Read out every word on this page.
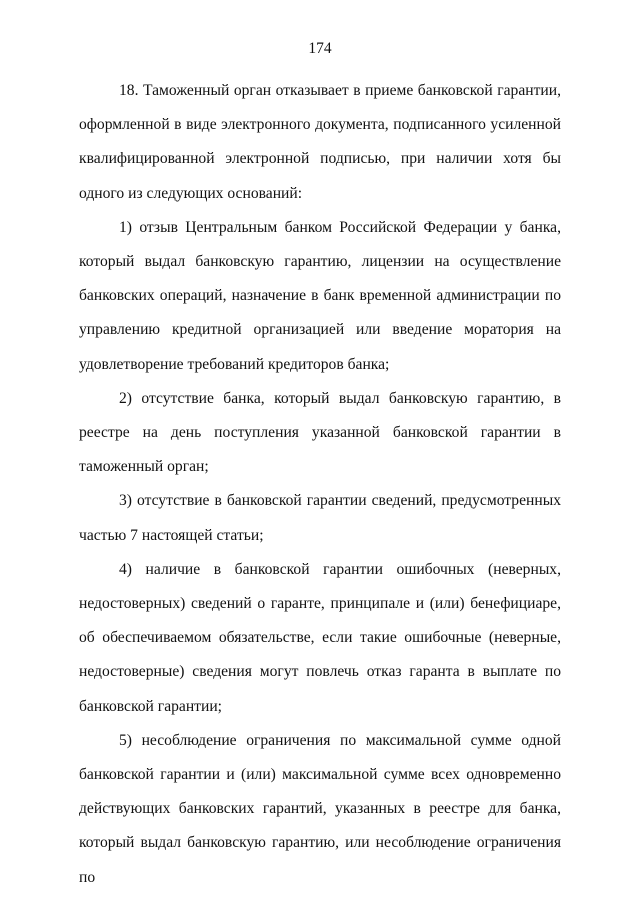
174

18. Таможенный орган отказывает в приеме банковской гарантии, оформленной в виде электронного документа, подписанного усиленной квалифицированной электронной подписью, при наличии хотя бы одного из следующих оснований:

1) отзыв Центральным банком Российской Федерации у банка, который выдал банковскую гарантию, лицензии на осуществление банковских операций, назначение в банк временной администрации по управлению кредитной организацией или введение моратория на удовлетворение требований кредиторов банка;

2) отсутствие банка, который выдал банковскую гарантию, в реестре на день поступления указанной банковской гарантии в таможенный орган;

3) отсутствие в банковской гарантии сведений, предусмотренных частью 7 настоящей статьи;

4) наличие в банковской гарантии ошибочных (неверных, недостоверных) сведений о гаранте, принципале и (или) бенефициаре, об обеспечиваемом обязательстве, если такие ошибочные (неверные, недостоверные) сведения могут повлечь отказ гаранта в выплате по банковской гарантии;

5) несоблюдение ограничения по максимальной сумме одной банковской гарантии и (или) максимальной сумме всех одновременно действующих банковских гарантий, указанных в реестре для банка, который выдал банковскую гарантию, или несоблюдение ограничения по
